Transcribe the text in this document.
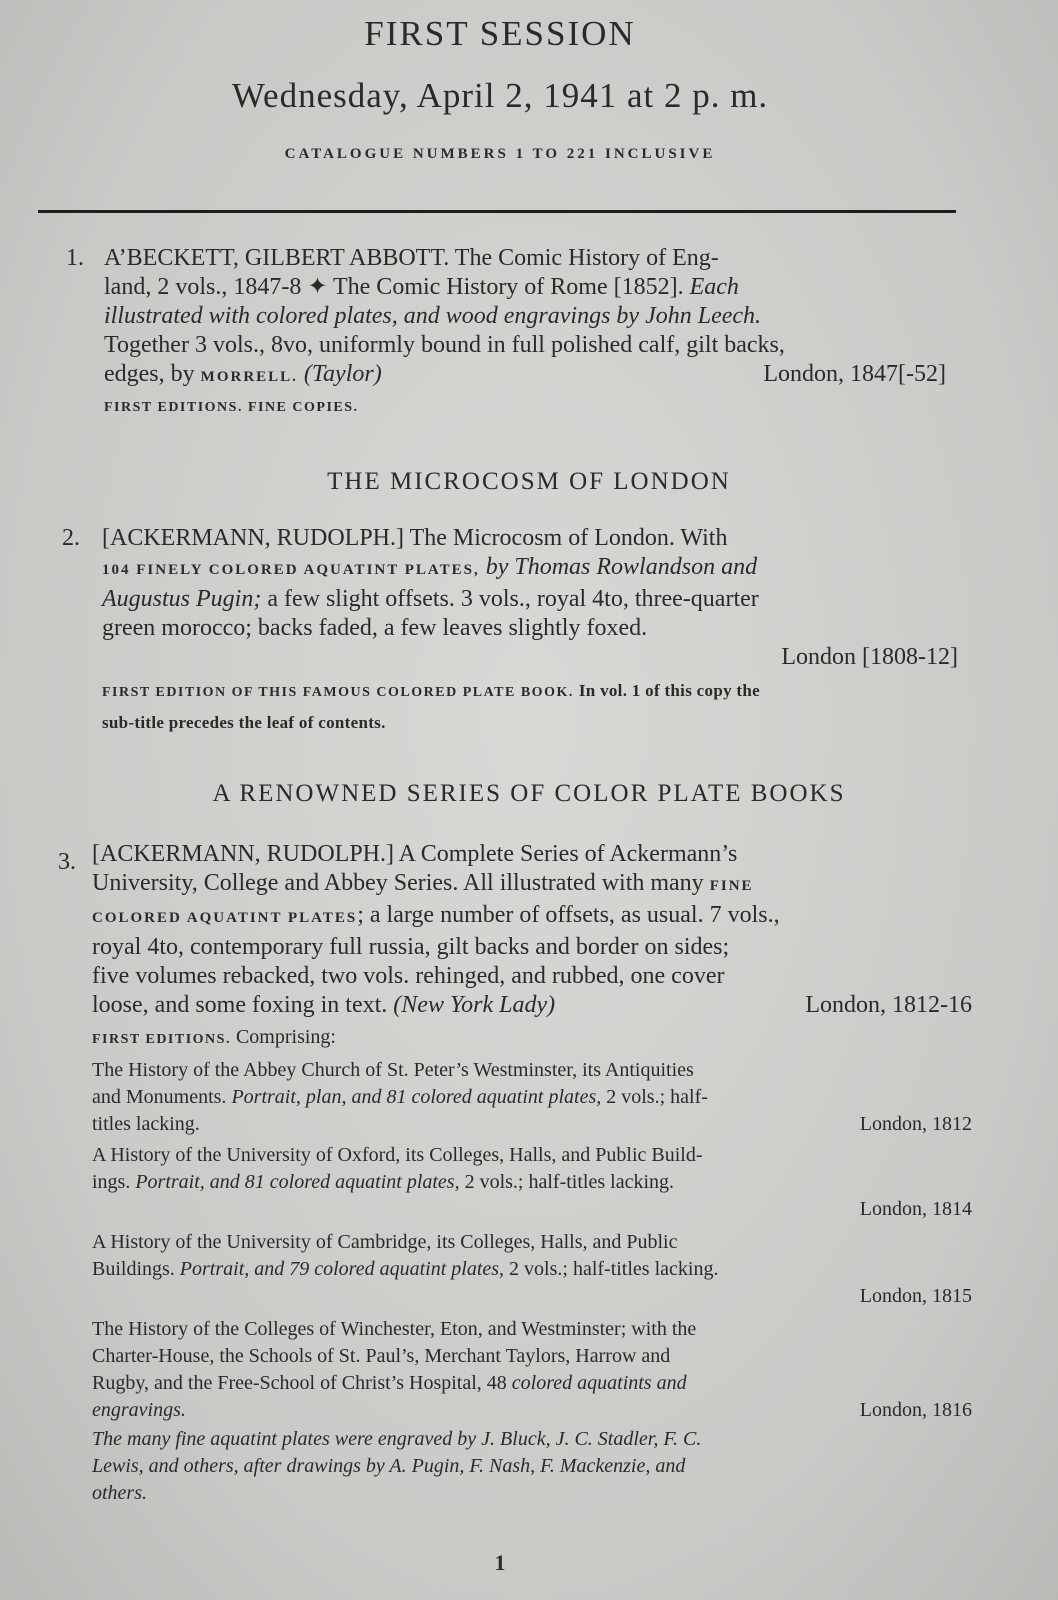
FIRST SESSION
Wednesday, April 2, 1941 at 2 p. m.
CATALOGUE NUMBERS 1 TO 221 INCLUSIVE
1. A’BECKETT, GILBERT ABBOTT. The Comic History of Eng-
land, 2 vols., 1847-8 ✦ The Comic History of Rome [1852]. Each
illustrated with colored plates, and wood engravings by John Leech.
Together 3 vols., 8vo, uniformly bound in full polished calf, gilt backs,
edges, by MORRELL. (Taylor)	London, 1847[-52]
FIRST EDITIONS. FINE COPIES.
THE MICROCOSM OF LONDON
2. [ACKERMANN, RUDOLPH.] The Microcosm of London. With
104 FINELY COLORED AQUATINT PLATES, by Thomas Rowlandson and
Augustus Pugin; a few slight offsets. 3 vols., royal 4to, three-quarter
green morocco; backs faded, a few leaves slightly foxed.
London [1808-12]
FIRST EDITION OF THIS FAMOUS COLORED PLATE BOOK. In vol. 1 of this copy the
sub-title precedes the leaf of contents.
A RENOWNED SERIES OF COLOR PLATE BOOKS
3. [ACKERMANN, RUDOLPH.] A Complete Series of Ackermann’s
University, College and Abbey Series. All illustrated with many FINE
COLORED AQUATINT PLATES; a large number of offsets, as usual. 7 vols.,
royal 4to, contemporary full russia, gilt backs and border on sides;
five volumes rebacked, two vols. rehinged, and rubbed, one cover
loose, and some foxing in text. (New York Lady)	London, 1812-16
FIRST EDITIONS. Comprising:
The History of the Abbey Church of St. Peter’s Westminster, its Antiquities
and Monuments. Portrait, plan, and 81 colored aquatint plates, 2 vols.; half-
titles lacking.	London, 1812
A History of the University of Oxford, its Colleges, Halls, and Public Build-
ings. Portrait, and 81 colored aquatint plates, 2 vols.; half-titles lacking.
London, 1814
A History of the University of Cambridge, its Colleges, Halls, and Public
Buildings. Portrait, and 79 colored aquatint plates, 2 vols.; half-titles lacking.
London, 1815
The History of the Colleges of Winchester, Eton, and Westminster; with the
Charter-House, the Schools of St. Paul’s, Merchant Taylors, Harrow and
Rugby, and the Free-School of Christ’s Hospital, 48 colored aquatints and
engravings.	London, 1816
The many fine aquatint plates were engraved by J. Bluck, J. C. Stadler, F. C.
Lewis, and others, after drawings by A. Pugin, F. Nash, F. Mackenzie, and
others.
1
